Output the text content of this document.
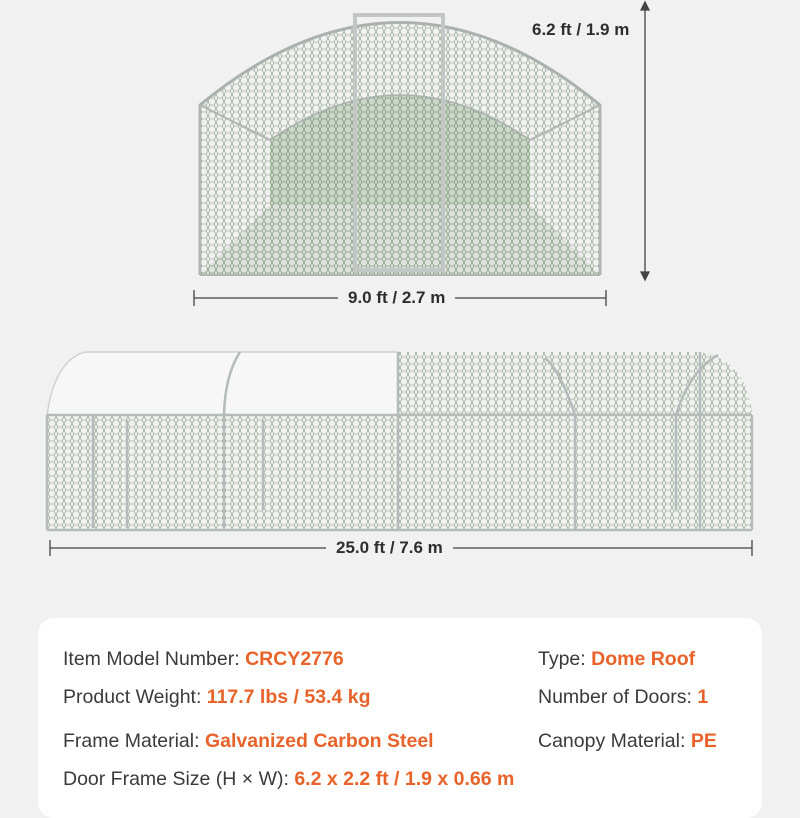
6.2 ft / 1.9 m
9.0 ft / 2.7 m
25.0 ft / 7.6 m
Item Model Number: CRCY2776
Product Weight: 117.7 lbs / 53.4 kg
Frame Material: Galvanized Carbon Steel
Door Frame Size (H × W): 6.2 x 2.2 ft / 1.9 x 0.66 m
Type: Dome Roof
Number of Doors: 1
Canopy Material: PE
